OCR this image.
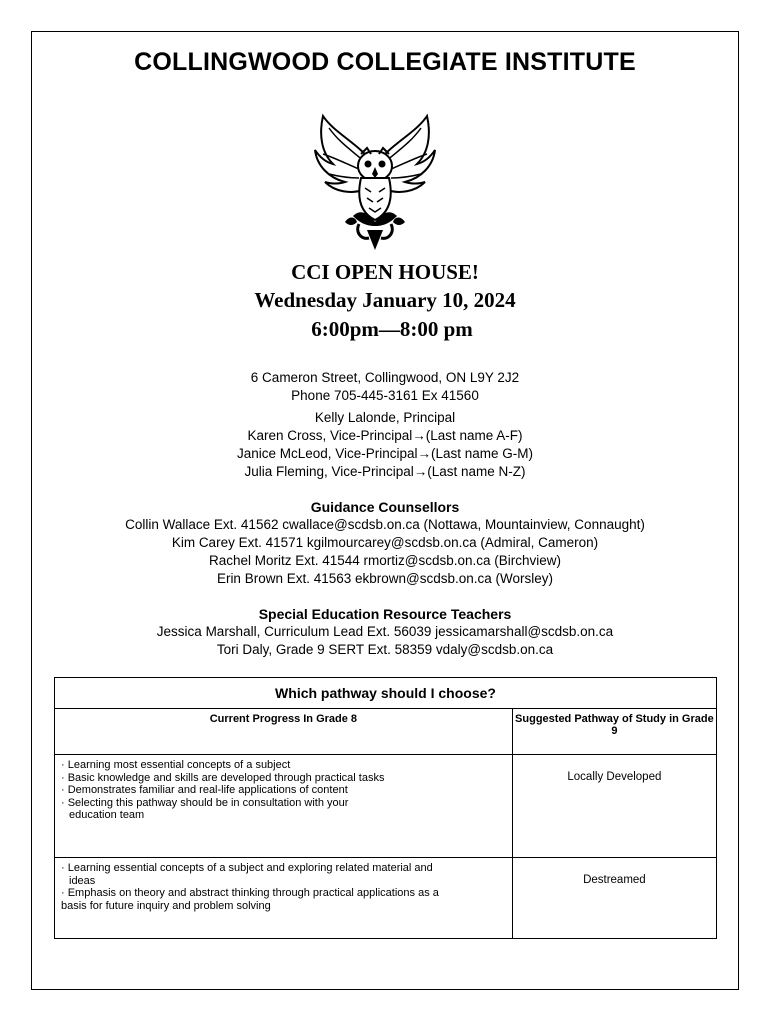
COLLINGWOOD COLLEGIATE INSTITUTE
CCI OPEN HOUSE!
Wednesday January 10, 2024
6:00pm—8:00 pm
6 Cameron Street, Collingwood, ON L9Y 2J2
Phone 705-445-3161 Ex 41560
Kelly Lalonde, Principal
Karen Cross, Vice-Principal→(Last name A-F)
Janice McLeod, Vice-Principal→(Last name G-M)
Julia Fleming, Vice-Principal→(Last name N-Z)
Guidance Counsellors
Collin Wallace Ext. 41562 cwallace@scdsb.on.ca (Nottawa, Mountainview, Connaught)
Kim Carey Ext. 41571 kgilmourcarey@scdsb.on.ca (Admiral, Cameron)
Rachel Moritz Ext. 41544 rmortiz@scdsb.on.ca (Birchview)
Erin Brown Ext. 41563 ekbrown@scdsb.on.ca (Worsley)
Special Education Resource Teachers
Jessica Marshall, Curriculum Lead Ext. 56039 jessicamarshall@scdsb.on.ca
Tori Daly, Grade 9 SERT Ext. 58359 vdaly@scdsb.on.ca
Which pathway should I choose?	
Current Progress In Grade 8	Suggested Pathway of Study in Grade 9

· Learning most essential concepts of a subject
· Basic knowledge and skills are developed through practical tasks
· Demonstrates familiar and real-life applications of content
· Selecting this pathway should be in consultation with your
education team	Locally Developed

· Learning essential concepts of a subject and exploring related material and
ideas
· Emphasis on theory and abstract thinking through practical applications as a
basis for future inquiry and problem solving	Destreamed
